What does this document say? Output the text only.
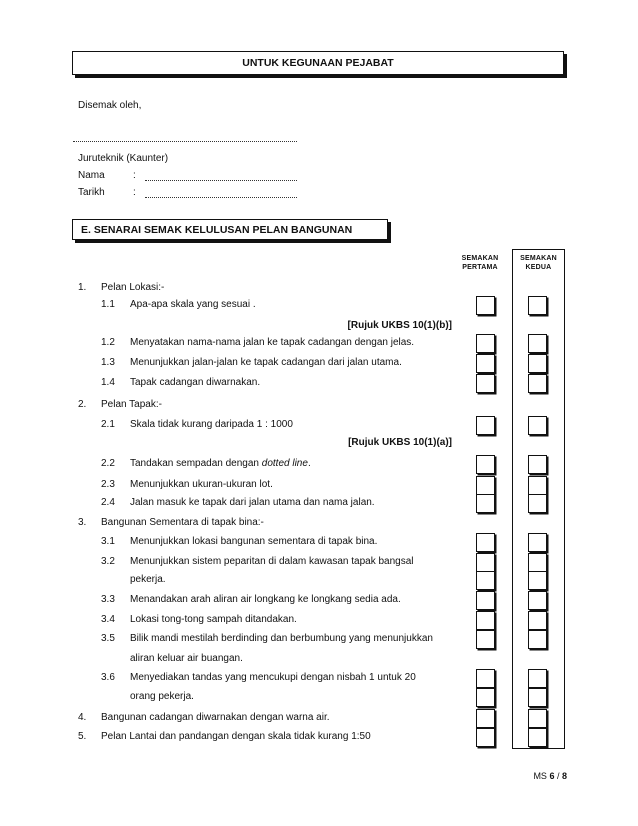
UNTUK KEGUNAAN PEJABAT
Disemak oleh,
Juruteknik (Kaunter)
Nama	:
Tarikh	:
E. SENARAI SEMAK KELULUSAN PELAN BANGUNAN
SEMAKAN
PERTAMA
SEMAKAN
KEDUA
1. Pelan Lokasi:-
1.1 Apa-apa skala yang sesuai .
[Rujuk UKBS 10(1)(b)]
1.2 Menyatakan nama-nama jalan ke tapak cadangan dengan jelas.
1.3 Menunjukkan jalan-jalan ke tapak cadangan dari jalan utama.
1.4 Tapak cadangan diwarnakan.
2. Pelan Tapak:-
2.1 Skala tidak kurang daripada 1 : 1000
[Rujuk UKBS 10(1)(a)]
2.2 Tandakan sempadan dengan dotted line.
2.3 Menunjukkan ukuran-ukuran lot.
2.4 Jalan masuk ke tapak dari jalan utama dan nama jalan.
3. Bangunan Sementara di tapak bina:-
3.1 Menunjukkan lokasi bangunan sementara di tapak bina.
3.2 Menunjukkan sistem peparitan di dalam kawasan tapak bangsal
pekerja.
3.3 Menandakan arah aliran air longkang ke longkang sedia ada.
3.4 Lokasi tong-tong sampah ditandakan.
3.5 Bilik mandi mestilah berdinding dan berbumbung yang menunjukkan
aliran keluar air buangan.
3.6 Menyediakan tandas yang mencukupi dengan nisbah 1 untuk 20
orang pekerja.
4. Bangunan cadangan diwarnakan dengan warna air.
5. Pelan Lantai dan pandangan dengan skala tidak kurang 1:50
MS 6 / 8
